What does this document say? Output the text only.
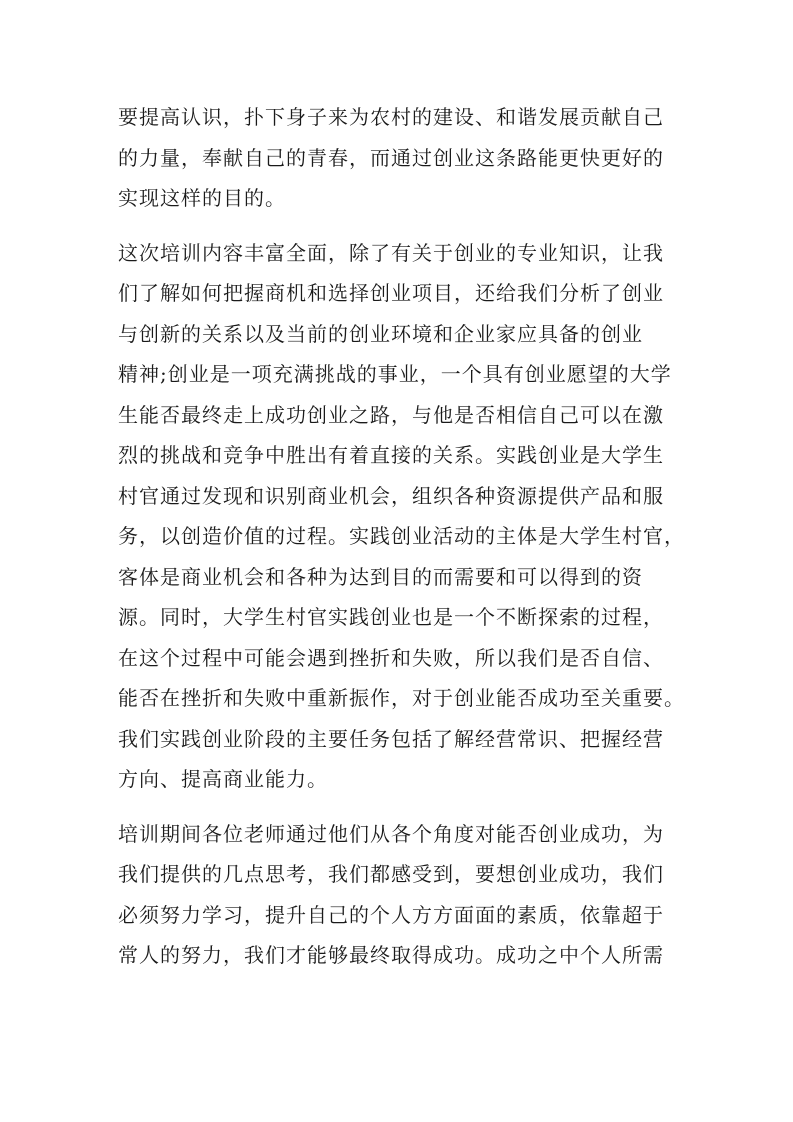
要提高认识，扑下身子来为农村的建设、和谐发展贡献自己
的力量，奉献自己的青春，而通过创业这条路能更快更好的
实现这样的目的。
这次培训内容丰富全面，除了有关于创业的专业知识，让我
们了解如何把握商机和选择创业项目，还给我们分析了创业
与创新的关系以及当前的创业环境和企业家应具备的创业
精神;创业是一项充满挑战的事业，一个具有创业愿望的大学
生能否最终走上成功创业之路，与他是否相信自己可以在激
烈的挑战和竞争中胜出有着直接的关系。实践创业是大学生
村官通过发现和识别商业机会，组织各种资源提供产品和服
务，以创造价值的过程。实践创业活动的主体是大学生村官，
客体是商业机会和各种为达到目的而需要和可以得到的资
源。同时，大学生村官实践创业也是一个不断探索的过程，
在这个过程中可能会遇到挫折和失败，所以我们是否自信、
能否在挫折和失败中重新振作，对于创业能否成功至关重要。
我们实践创业阶段的主要任务包括了解经营常识、把握经营
方向、提高商业能力。
培训期间各位老师通过他们从各个角度对能否创业成功，为
我们提供的几点思考，我们都感受到，要想创业成功，我们
必须努力学习，提升自己的个人方方面面的素质，依靠超于
常人的努力，我们才能够最终取得成功。成功之中个人所需
